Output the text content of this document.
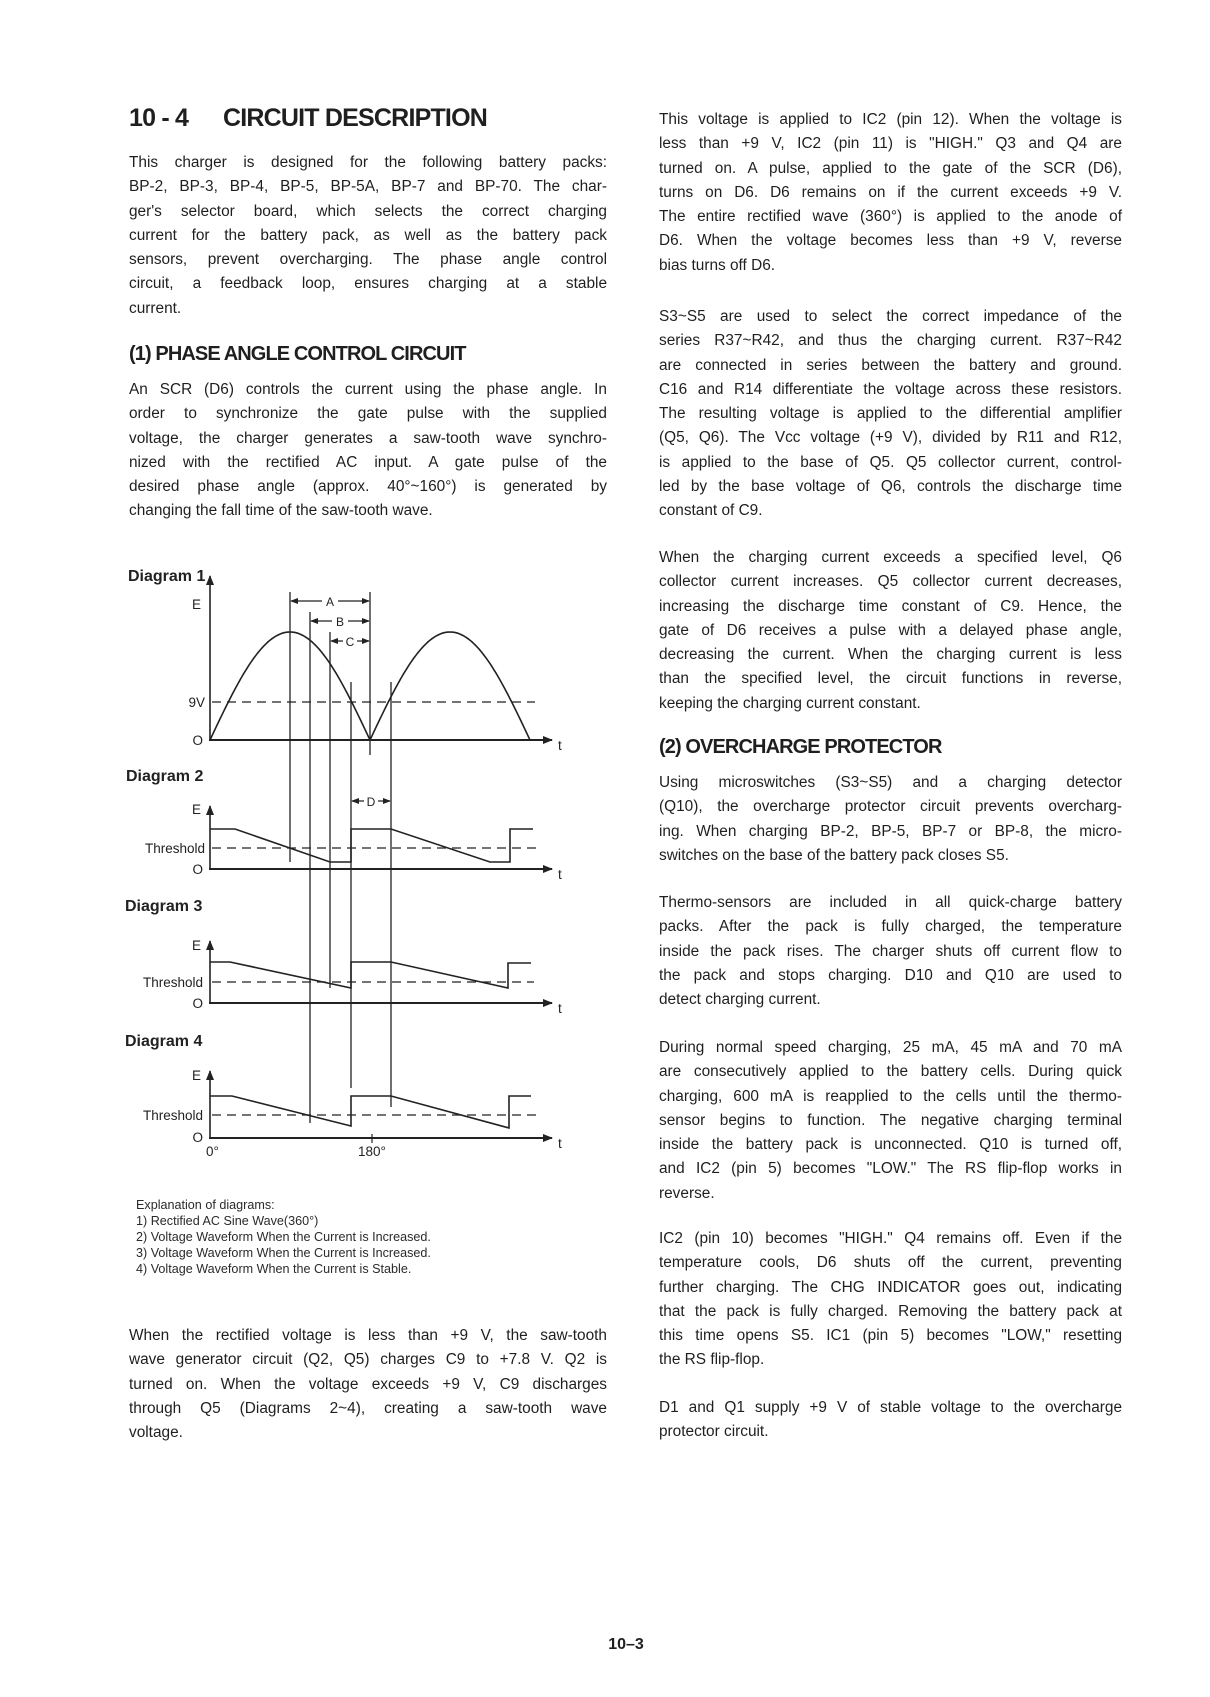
10 - 4 CIRCUIT DESCRIPTION
This charger is designed for the following battery packs:
BP-2, BP-3, BP-4, BP-5, BP-5A, BP-7 and BP-70. The char-
ger's selector board, which selects the correct charging
current for the battery pack, as well as the battery pack
sensors, prevent overcharging. The phase angle control
circuit, a feedback loop, ensures charging at a stable
current.
(1) PHASE ANGLE CONTROL CIRCUIT
An SCR (D6) controls the current using the phase angle. In
order to synchronize the gate pulse with the supplied
voltage, the charger generates a saw-tooth wave synchro-
nized with the rectified AC input. A gate pulse of the
desired phase angle (approx. 40°~160°) is generated by
changing the fall time of the saw-tooth wave.
A
B
C
D
Diagram 1
Diagram 2
Diagram 3
Diagram 4
E
9V
O	t
E
Threshold
O	t
E
Threshold
O	t
E
Threshold
O	t
0°	180°
Explanation of diagrams:
1) Rectified AC Sine Wave(360°)
2) Voltage Waveform When the Current is Increased.
3) Voltage Waveform When the Current is Increased.
4) Voltage Waveform When the Current is Stable.
When the rectified voltage is less than +9 V, the saw-tooth
wave generator circuit (Q2, Q5) charges C9 to +7.8 V. Q2 is
turned on. When the voltage exceeds +9 V, C9 discharges
through Q5 (Diagrams 2~4), creating a saw-tooth wave
voltage.
This voltage is applied to IC2 (pin 12). When the voltage is
less than +9 V, IC2 (pin 11) is "HIGH." Q3 and Q4 are
turned on. A pulse, applied to the gate of the SCR (D6),
turns on D6. D6 remains on if the current exceeds +9 V.
The entire rectified wave (360°) is applied to the anode of
D6. When the voltage becomes less than +9 V, reverse
bias turns off D6.
S3~S5 are used to select the correct impedance of the
series R37~R42, and thus the charging current. R37~R42
are connected in series between the battery and ground.
C16 and R14 differentiate the voltage across these resistors.
The resulting voltage is applied to the differential amplifier
(Q5, Q6). The Vcc voltage (+9 V), divided by R11 and R12,
is applied to the base of Q5. Q5 collector current, control-
led by the base voltage of Q6, controls the discharge time
constant of C9.
When the charging current exceeds a specified level, Q6
collector current increases. Q5 collector current decreases,
increasing the discharge time constant of C9. Hence, the
gate of D6 receives a pulse with a delayed phase angle,
decreasing the current. When the charging current is less
than the specified level, the circuit functions in reverse,
keeping the charging current constant.
(2) OVERCHARGE PROTECTOR
Using microswitches (S3~S5) and a charging detector
(Q10), the overcharge protector circuit prevents overcharg-
ing. When charging BP-2, BP-5, BP-7 or BP-8, the micro-
switches on the base of the battery pack closes S5.
Thermo-sensors are included in all quick-charge battery
packs. After the pack is fully charged, the temperature
inside the pack rises. The charger shuts off current flow to
the pack and stops charging. D10 and Q10 are used to
detect charging current.
During normal speed charging, 25 mA, 45 mA and 70 mA
are consecutively applied to the battery cells. During quick
charging, 600 mA is reapplied to the cells until the thermo-
sensor begins to function. The negative charging terminal
inside the battery pack is unconnected. Q10 is turned off,
and IC2 (pin 5) becomes "LOW." The RS flip-flop works in
reverse.
IC2 (pin 10) becomes "HIGH." Q4 remains off. Even if the
temperature cools, D6 shuts off the current, preventing
further charging. The CHG INDICATOR goes out, indicating
that the pack is fully charged. Removing the battery pack at
this time opens S5. IC1 (pin 5) becomes "LOW," resetting
the RS flip-flop.
D1 and Q1 supply +9 V of stable voltage to the overcharge
protector circuit.
10–3
